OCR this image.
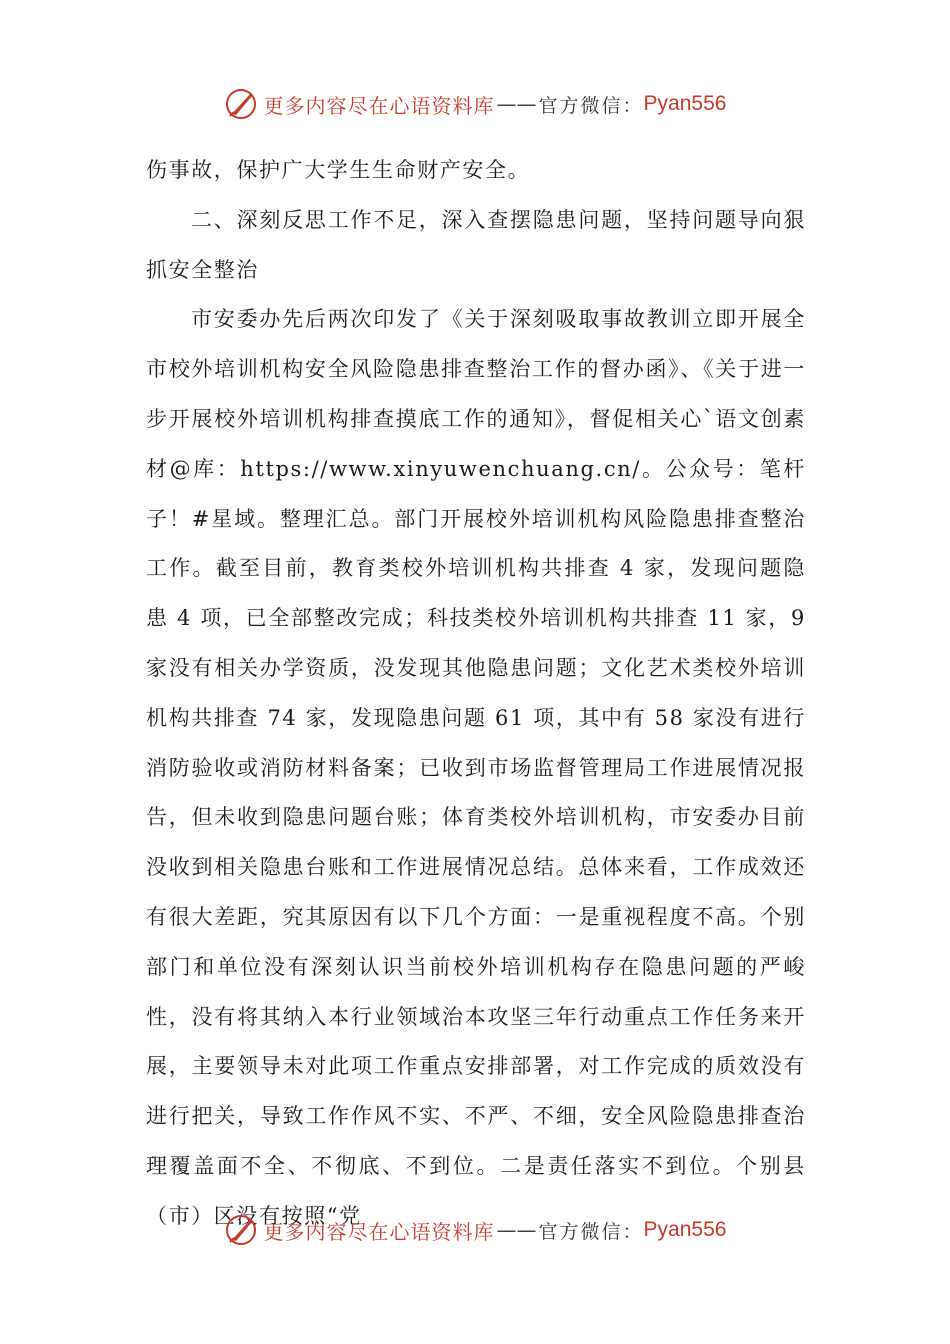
更多内容尽在心语资料库 —— 官方微信： Pyan556

伤事故，保护广大学生生命财产安全。

二、深刻反思工作不足，深入查摆隐患问题，坚持问题导向狠抓安全整治

市安委办先后两次印发了《关于深刻吸取事故教训立即开展全市校外培训机构安全风险隐患排查整治工作的督办函》、《关于进一步开展校外培训机构排查摸底工作的通知》，督促相关心`语文创素材@库：https://www.xinyuwenchuang.cn/。公众号：笔杆子！#星域。整理汇总。部门开展校外培训机构风险隐患排查整治工作。截至目前，教育类校外培训机构共排查 4 家，发现问题隐患 4 项，已全部整改完成；科技类校外培训机构共排查 11 家，9 家没有相关办学资质，没发现其他隐患问题；文化艺术类校外培训机构共排查 74 家，发现隐患问题 61 项，其中有 58 家没有进行消防验收或消防材料备案；已收到市场监督管理局工作进展情况报告，但未收到隐患问题台账；体育类校外培训机构，市安委办目前没收到相关隐患台账和工作进展情况总结。总体来看，工作成效还有很大差距，究其原因有以下几个方面：一是重视程度不高。个别部门和单位没有深刻认识当前校外培训机构存在隐患问题的严峻性，没有将其纳入本行业领域治本攻坚三年行动重点工作任务来开展，主要领导未对此项工作重点安排部署，对工作完成的质效没有进行把关，导致工作作风不实、不严、不细，安全风险隐患排查治理覆盖面不全、不彻底、不到位。二是责任落实不到位。个别县（市）区没有按照“党

更多内容尽在心语资料库 —— 官方微信： Pyan556
